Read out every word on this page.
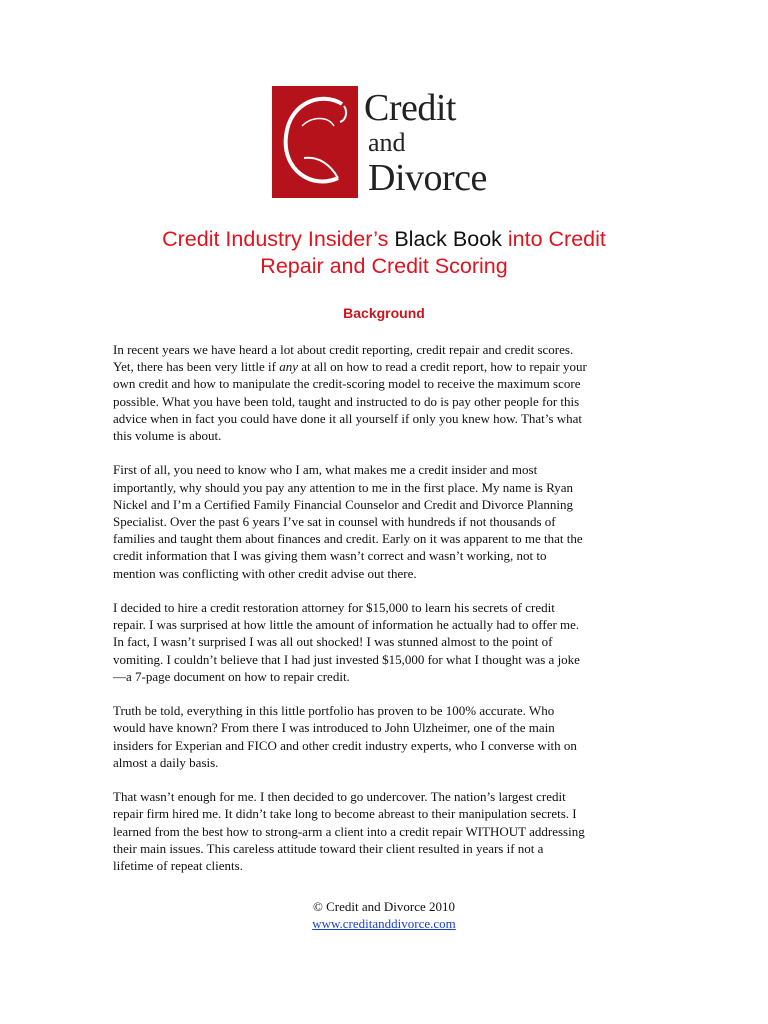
Credit
and
Divorce
Credit Industry Insider’s Black Book into Credit
Repair and Credit Scoring
Background

In recent years we have heard a lot about credit reporting, credit repair and credit scores.
Yet, there has been very little if any at all on how to read a credit report, how to repair your
own credit and how to manipulate the credit-scoring model to receive the maximum score
possible. What you have been told, taught and instructed to do is pay other people for this
advice when in fact you could have done it all yourself if only you knew how. That’s what
this volume is about.

First of all, you need to know who I am, what makes me a credit insider and most
importantly, why should you pay any attention to me in the first place. My name is Ryan
Nickel and I’m a Certified Family Financial Counselor and Credit and Divorce Planning
Specialist. Over the past 6 years I’ve sat in counsel with hundreds if not thousands of
families and taught them about finances and credit. Early on it was apparent to me that the
credit information that I was giving them wasn’t correct and wasn’t working, not to
mention was conflicting with other credit advise out there.

I decided to hire a credit restoration attorney for $15,000 to learn his secrets of credit
repair. I was surprised at how little the amount of information he actually had to offer me.
In fact, I wasn’t surprised I was all out shocked! I was stunned almost to the point of
vomiting. I couldn’t believe that I had just invested $15,000 for what I thought was a joke
—a 7-page document on how to repair credit.

Truth be told, everything in this little portfolio has proven to be 100% accurate. Who
would have known? From there I was introduced to John Ulzheimer, one of the main
insiders for Experian and FICO and other credit industry experts, who I converse with on
almost a daily basis.

That wasn’t enough for me. I then decided to go undercover. The nation’s largest credit
repair firm hired me. It didn’t take long to become abreast to their manipulation secrets. I
learned from the best how to strong-arm a client into a credit repair WITHOUT addressing
their main issues. This careless attitude toward their client resulted in years if not a
lifetime of repeat clients.

© Credit and Divorce 2010
www.creditanddivorce.com
